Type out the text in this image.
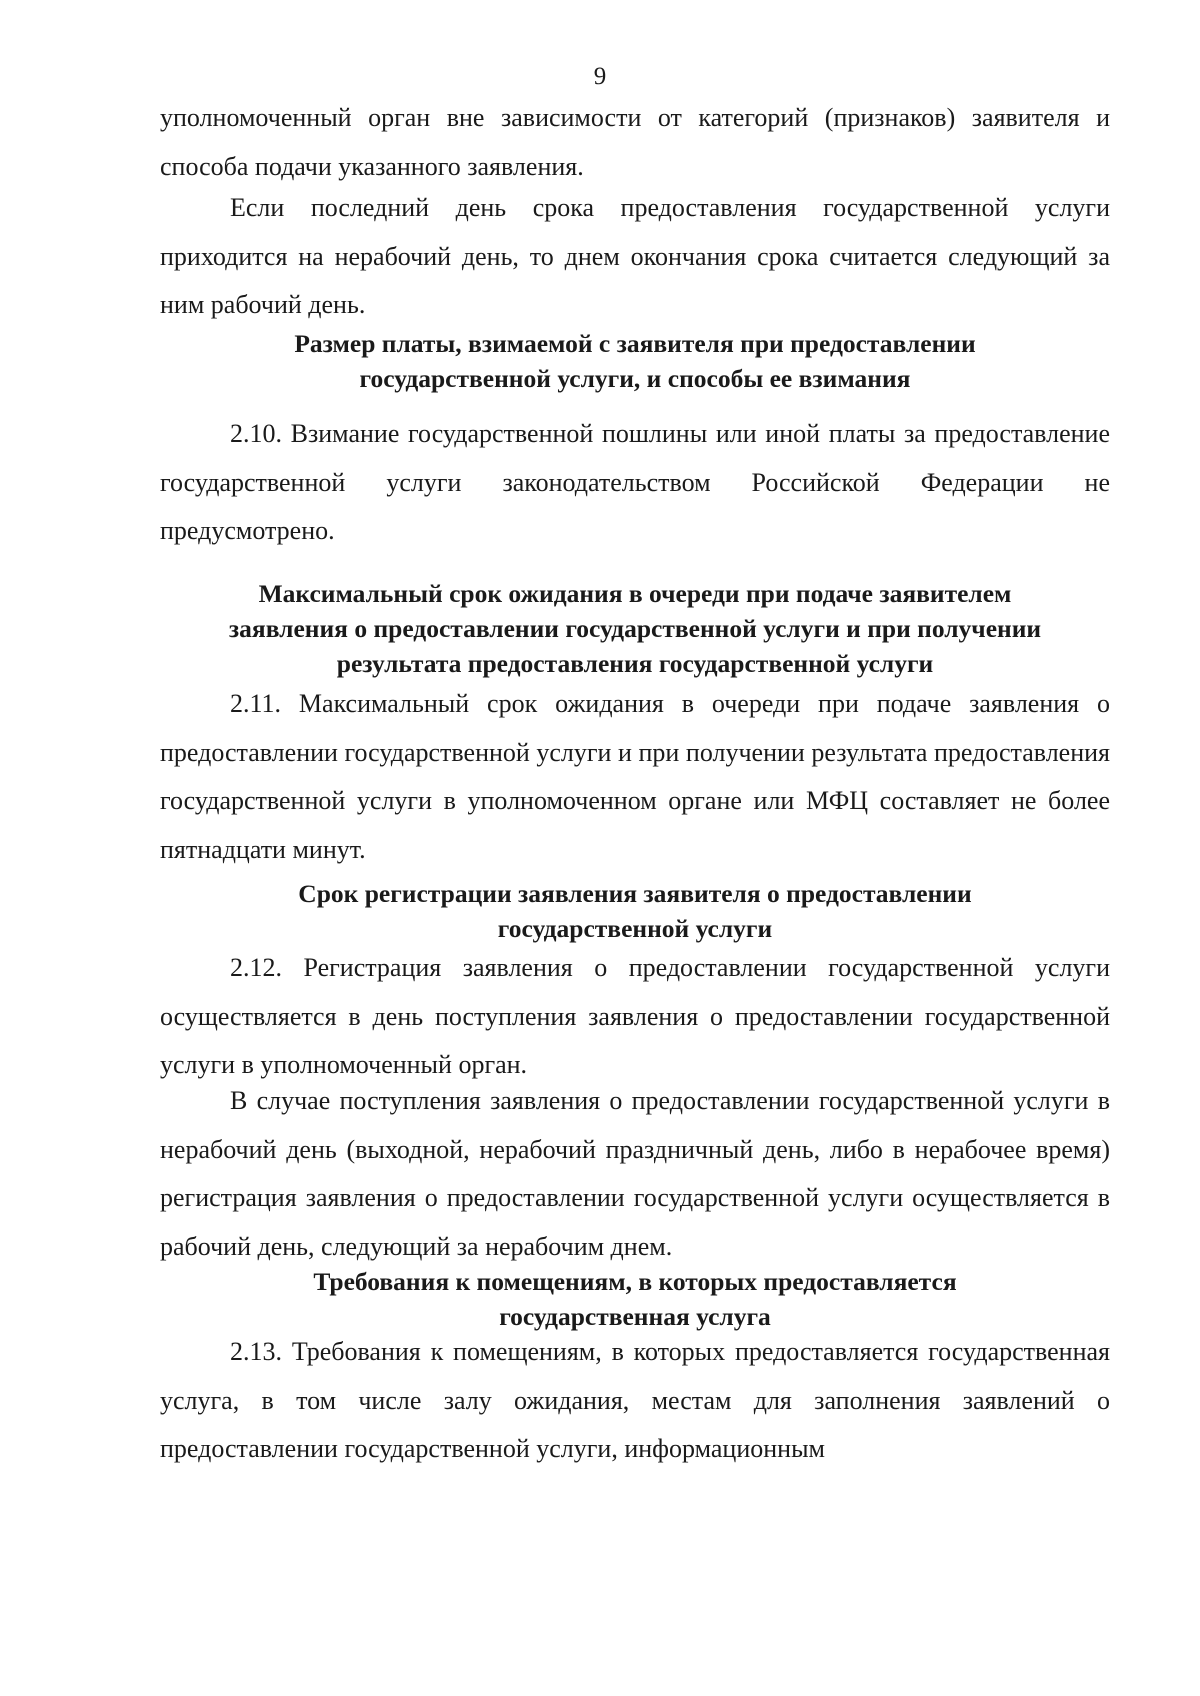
9

уполномоченный орган вне зависимости от категорий (признаков) заявителя и способа подачи указанного заявления.

Если последний день срока предоставления государственной услуги приходится на нерабочий день, то днем окончания срока считается следующий за ним рабочий день.

Размер платы, взимаемой с заявителя при предоставлении
государственной услуги, и способы ее взимания

2.10. Взимание государственной пошлины или иной платы за предоставление государственной услуги законодательством Российской Федерации не предусмотрено.

Максимальный срок ожидания в очереди при подаче заявителем
заявления о предоставлении государственной услуги и при получении
результата предоставления государственной услуги

2.11. Максимальный срок ожидания в очереди при подаче заявления о предоставлении государственной услуги и при получении результата предоставления государственной услуги в уполномоченном органе или МФЦ составляет не более пятнадцати минут.

Срок регистрации заявления заявителя о предоставлении
государственной услуги

2.12. Регистрация заявления о предоставлении государственной услуги осуществляется в день поступления заявления о предоставлении государственной услуги в уполномоченный орган.

В случае поступления заявления о предоставлении государственной услуги в нерабочий день (выходной, нерабочий праздничный день, либо в нерабочее время) регистрация заявления о предоставлении государственной услуги осуществляется в рабочий день, следующий за нерабочим днем.

Требования к помещениям, в которых предоставляется
государственная услуга

2.13. Требования к помещениям, в которых предоставляется государственная услуга, в том числе залу ожидания, местам для заполнения заявлений о предоставлении государственной услуги, информационным
